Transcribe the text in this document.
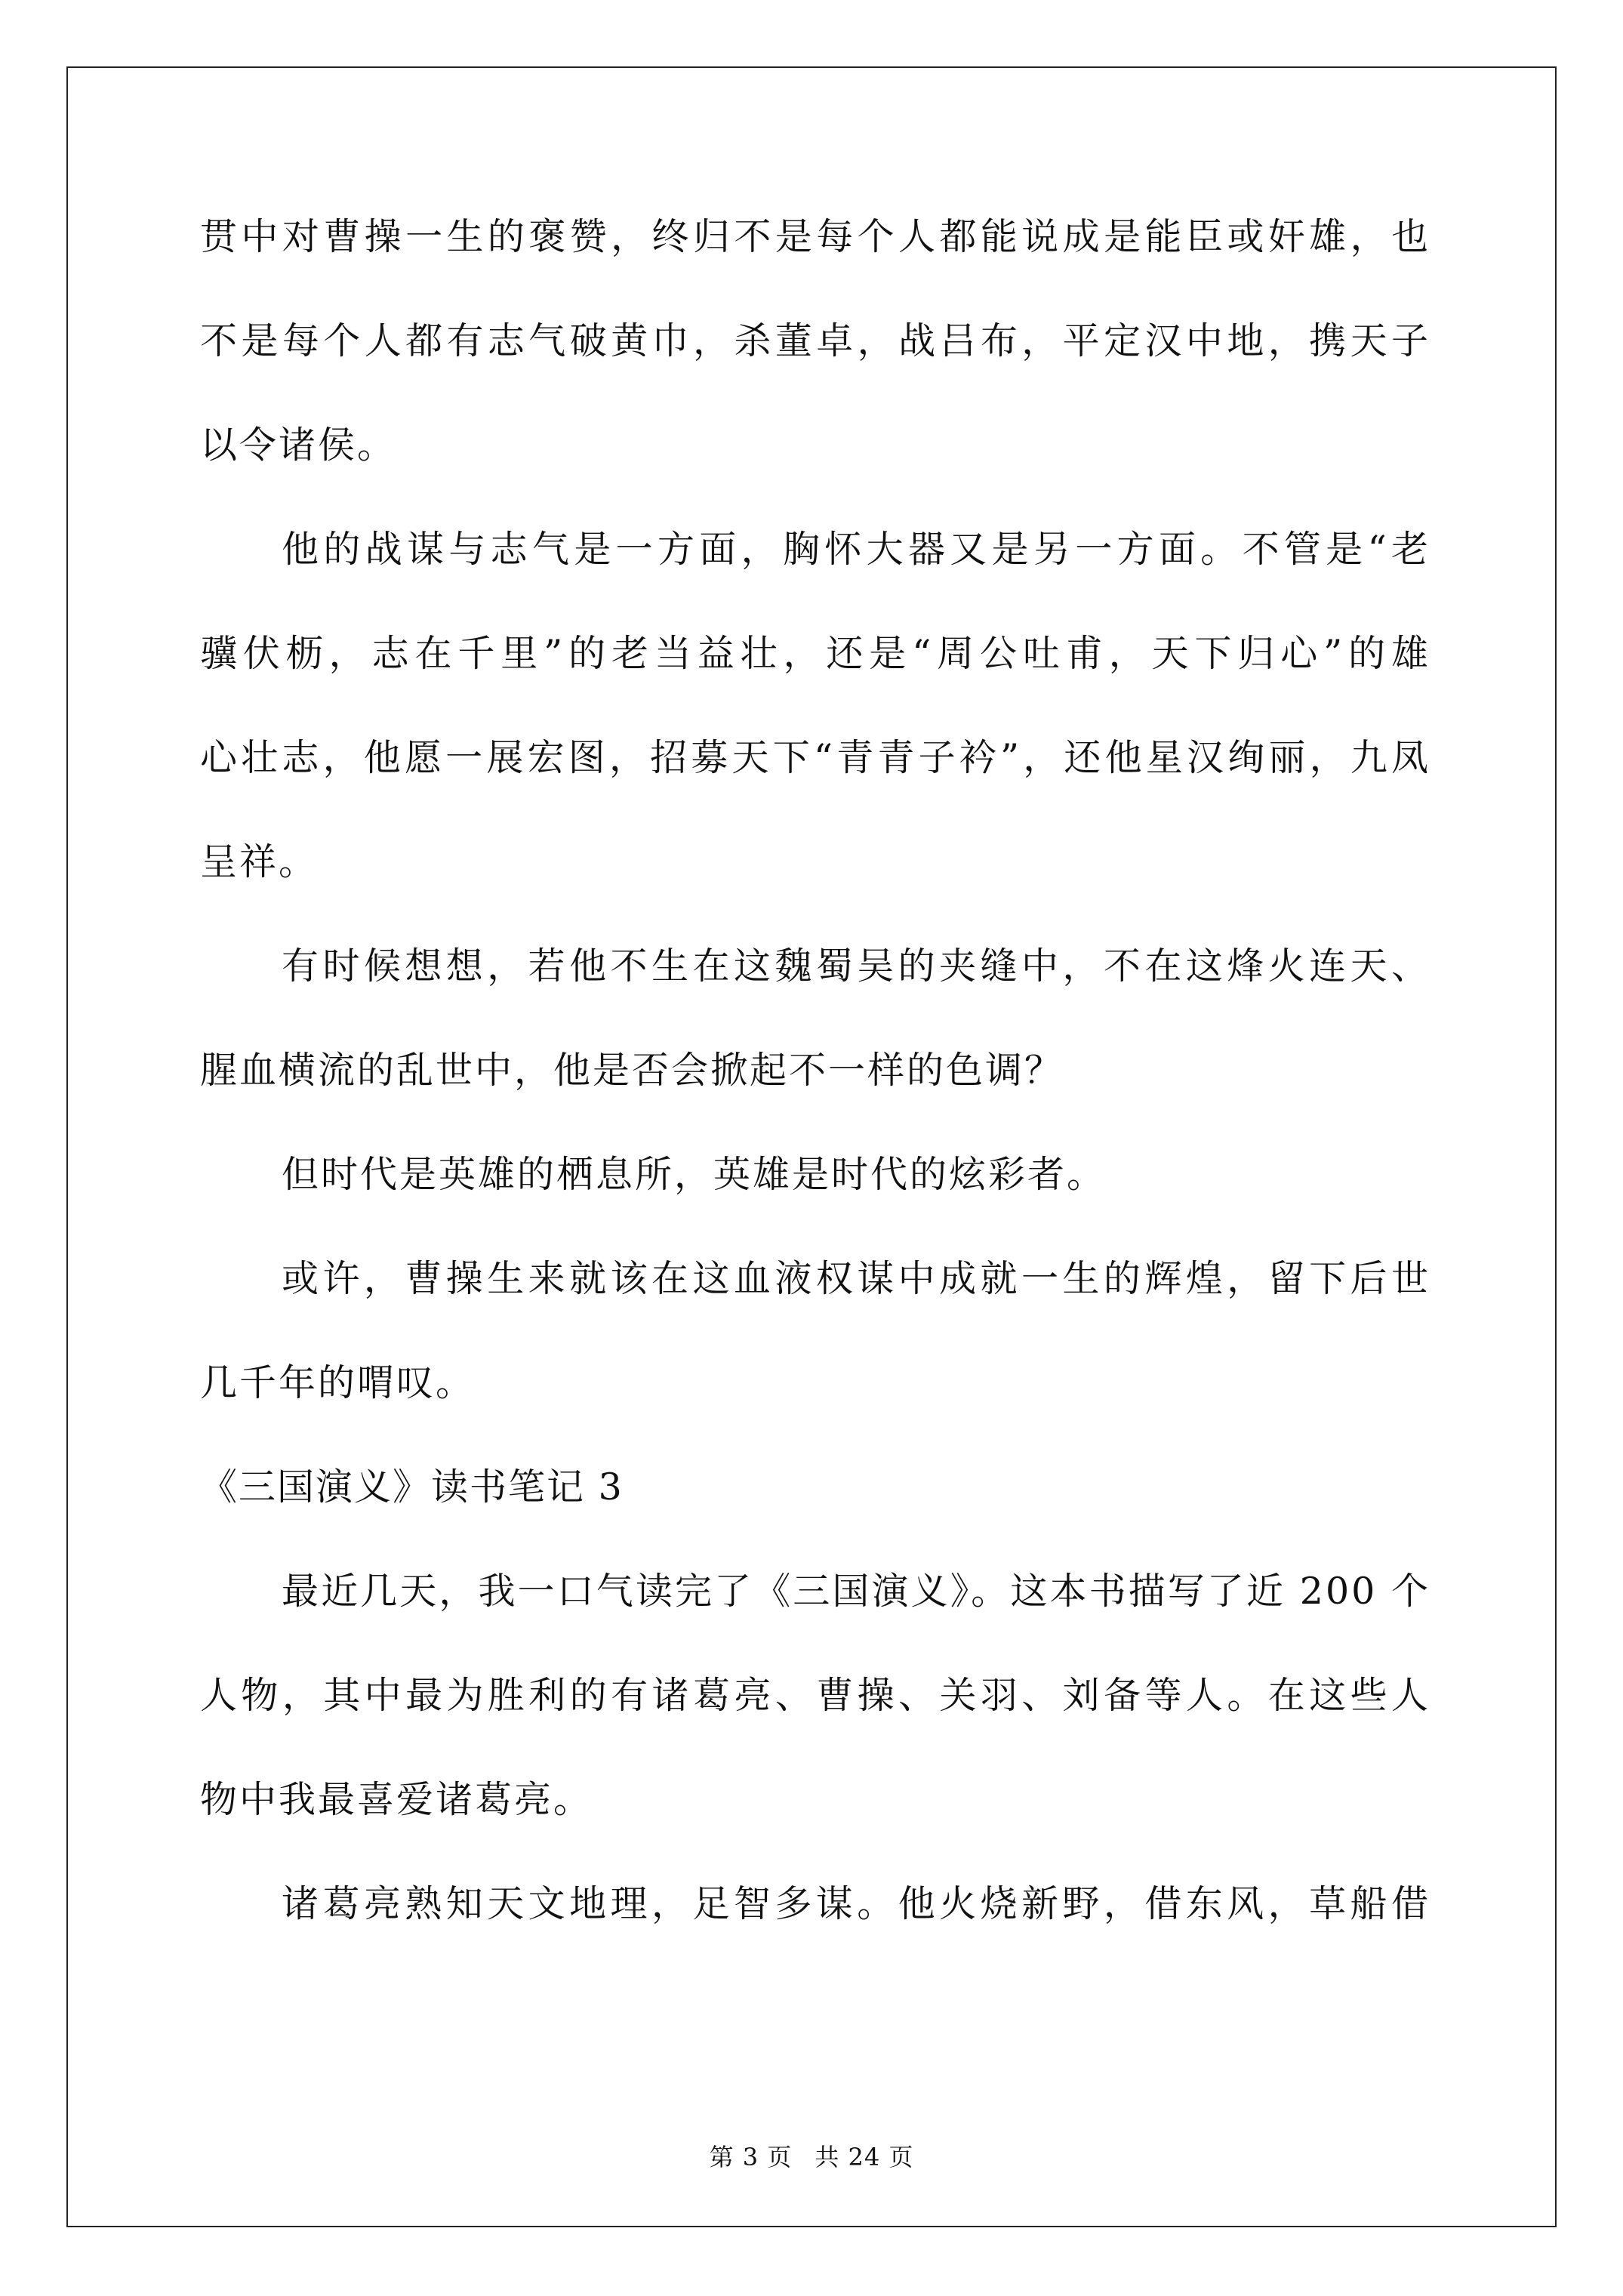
贯中对曹操一生的褒赞，终归不是每个人都能说成是能臣或奸雄，也
不是每个人都有志气破黄巾，杀董卓，战吕布，平定汉中地，携天子
以令诸侯。
他的战谋与志气是一方面，胸怀大器又是另一方面。不管是“老
骥伏枥，志在千里”的老当益壮，还是“周公吐甫，天下归心”的雄
心壮志，他愿一展宏图，招募天下“青青子衿”，还他星汉绚丽，九凤
呈祥。
有时候想想，若他不生在这魏蜀吴的夹缝中，不在这烽火连天、
腥血横流的乱世中，他是否会掀起不一样的色调？
但时代是英雄的栖息所，英雄是时代的炫彩者。
或许，曹操生来就该在这血液权谋中成就一生的辉煌，留下后世
几千年的喟叹。
《三国演义》读书笔记 3
最近几天，我一口气读完了《三国演义》。这本书描写了近 200 个
人物，其中最为胜利的有诸葛亮、曹操、关羽、刘备等人。在这些人
物中我最喜爱诸葛亮。
诸葛亮熟知天文地理，足智多谋。他火烧新野，借东风，草船借
第 3 页 共 24 页
